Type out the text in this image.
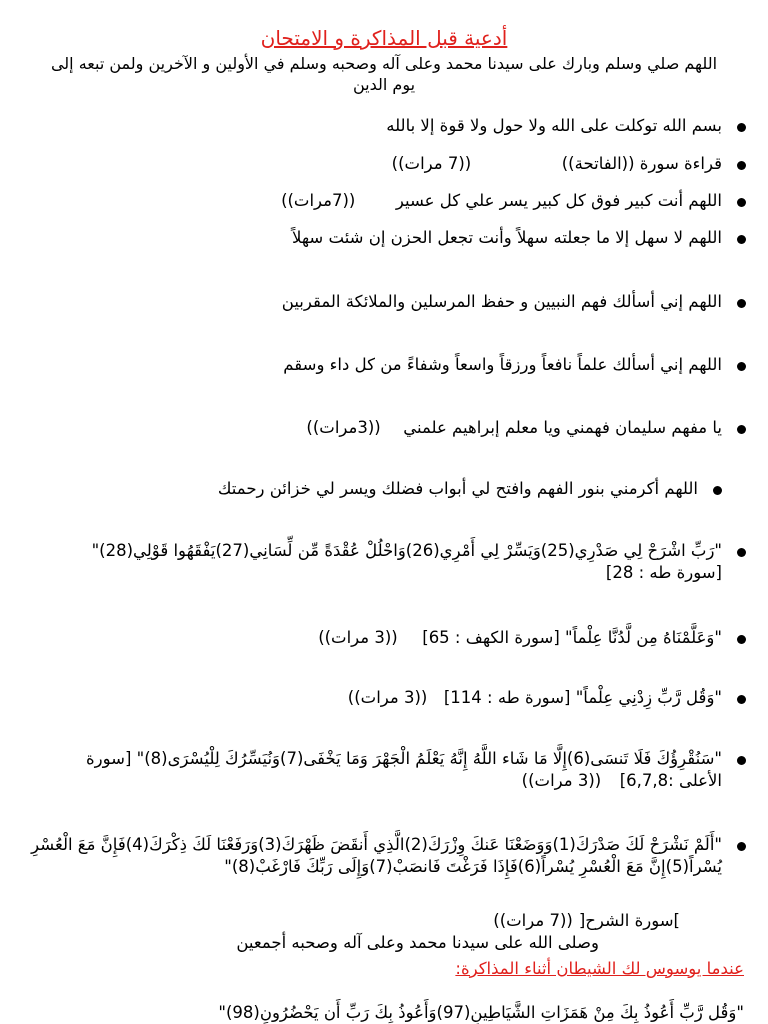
أدعية قبل المذاكرة و الامتحان
اللهم صلي وسلم وبارك على سيدنا محمد وعلى آله وصحبه وسلم في الأولين و الآخرين ولمن تبعه إلى يوم الدين
بسم الله توكلت على الله ولا حول ولا قوة إلا بالله
قراءة سورة ((الفاتحة))  ((7 مرات))
اللهم أنت كبير فوق كل كبير يسر علي كل عسير  ((7مرات))
اللهم لا سهل إلا ما جعلته سهلاً وأنت تجعل الحزن إن شئت سهلاً
اللهم إني أسألك فهم النبيين و حفظ المرسلين والملائكة المقربين
اللهم إني أسألك علماً نافعاً ورزقاً واسعاً وشفاءً من كل داء وسقم
يا مفهم سليمان فهمني ويا معلم إبراهيم علمني  ((3مرات))
اللهم أكرمني بنور الفهم وافتح لي أبواب فضلك ويسر لي خزائن رحمتك
"رَبِّ اشْرَحْ لِي صَدْرِي(25)وَيَسِّرْ لِي أَمْرِي(26)وَاحْلُلْ عُقْدَةً مِّن لِّسَانِي(27)يَفْقَهُوا قَوْلِي(28)" [سورة طه : 28]
"وَعَلَّمْنَاهُ مِن لَّدُنَّا عِلْماً" [سورة الكهف : 65]  ((3 مرات))
"وَقُل رَّبِّ زِدْنِي عِلْماً" [سورة طه : 114]  ((3 مرات))
"سَنُقْرِؤُكَ فَلَا تَنسَى(6)إِلَّا مَا شَاء اللَّهُ إِنَّهُ يَعْلَمُ الْجَهْرَ وَمَا يَخْفَى(7)وَنُيَسِّرُكَ لِلْيُسْرَى(8)" [سورة الأعلى :6,7,8]  ((3 مرات))
"أَلَمْ نَشْرَحْ لَكَ صَدْرَكَ(1)وَوَضَعْنَا عَنكَ وِزْرَكَ(2)الَّذِي أَنقَضَ ظَهْرَكَ(3)وَرَفَعْنَا لَكَ ذِكْرَكَ(4)فَإِنَّ مَعَ الْعُسْرِ يُسْراً(5)إِنَّ مَعَ الْعُسْرِ يُسْراً(6)فَإِذَا فَرَغْتَ فَانصَبْ(7)وَإِلَى رَبِّكَ فَارْغَبْ(8)"
]سورة الشرح[((7 مرات))
وصلى الله على سيدنا محمد وعلى آله وصحبه أجمعين
عندما يوسوس لك الشيطان أثناء المذاكرة:
"وَقُل رَّبِّ أَعُوذُ بِكَ مِنْ هَمَزَاتِ الشَّيَاطِينِ(97)وَأَعُوذُ بِكَ رَبِّ أَن يَحْضُرُونِ(98)"
